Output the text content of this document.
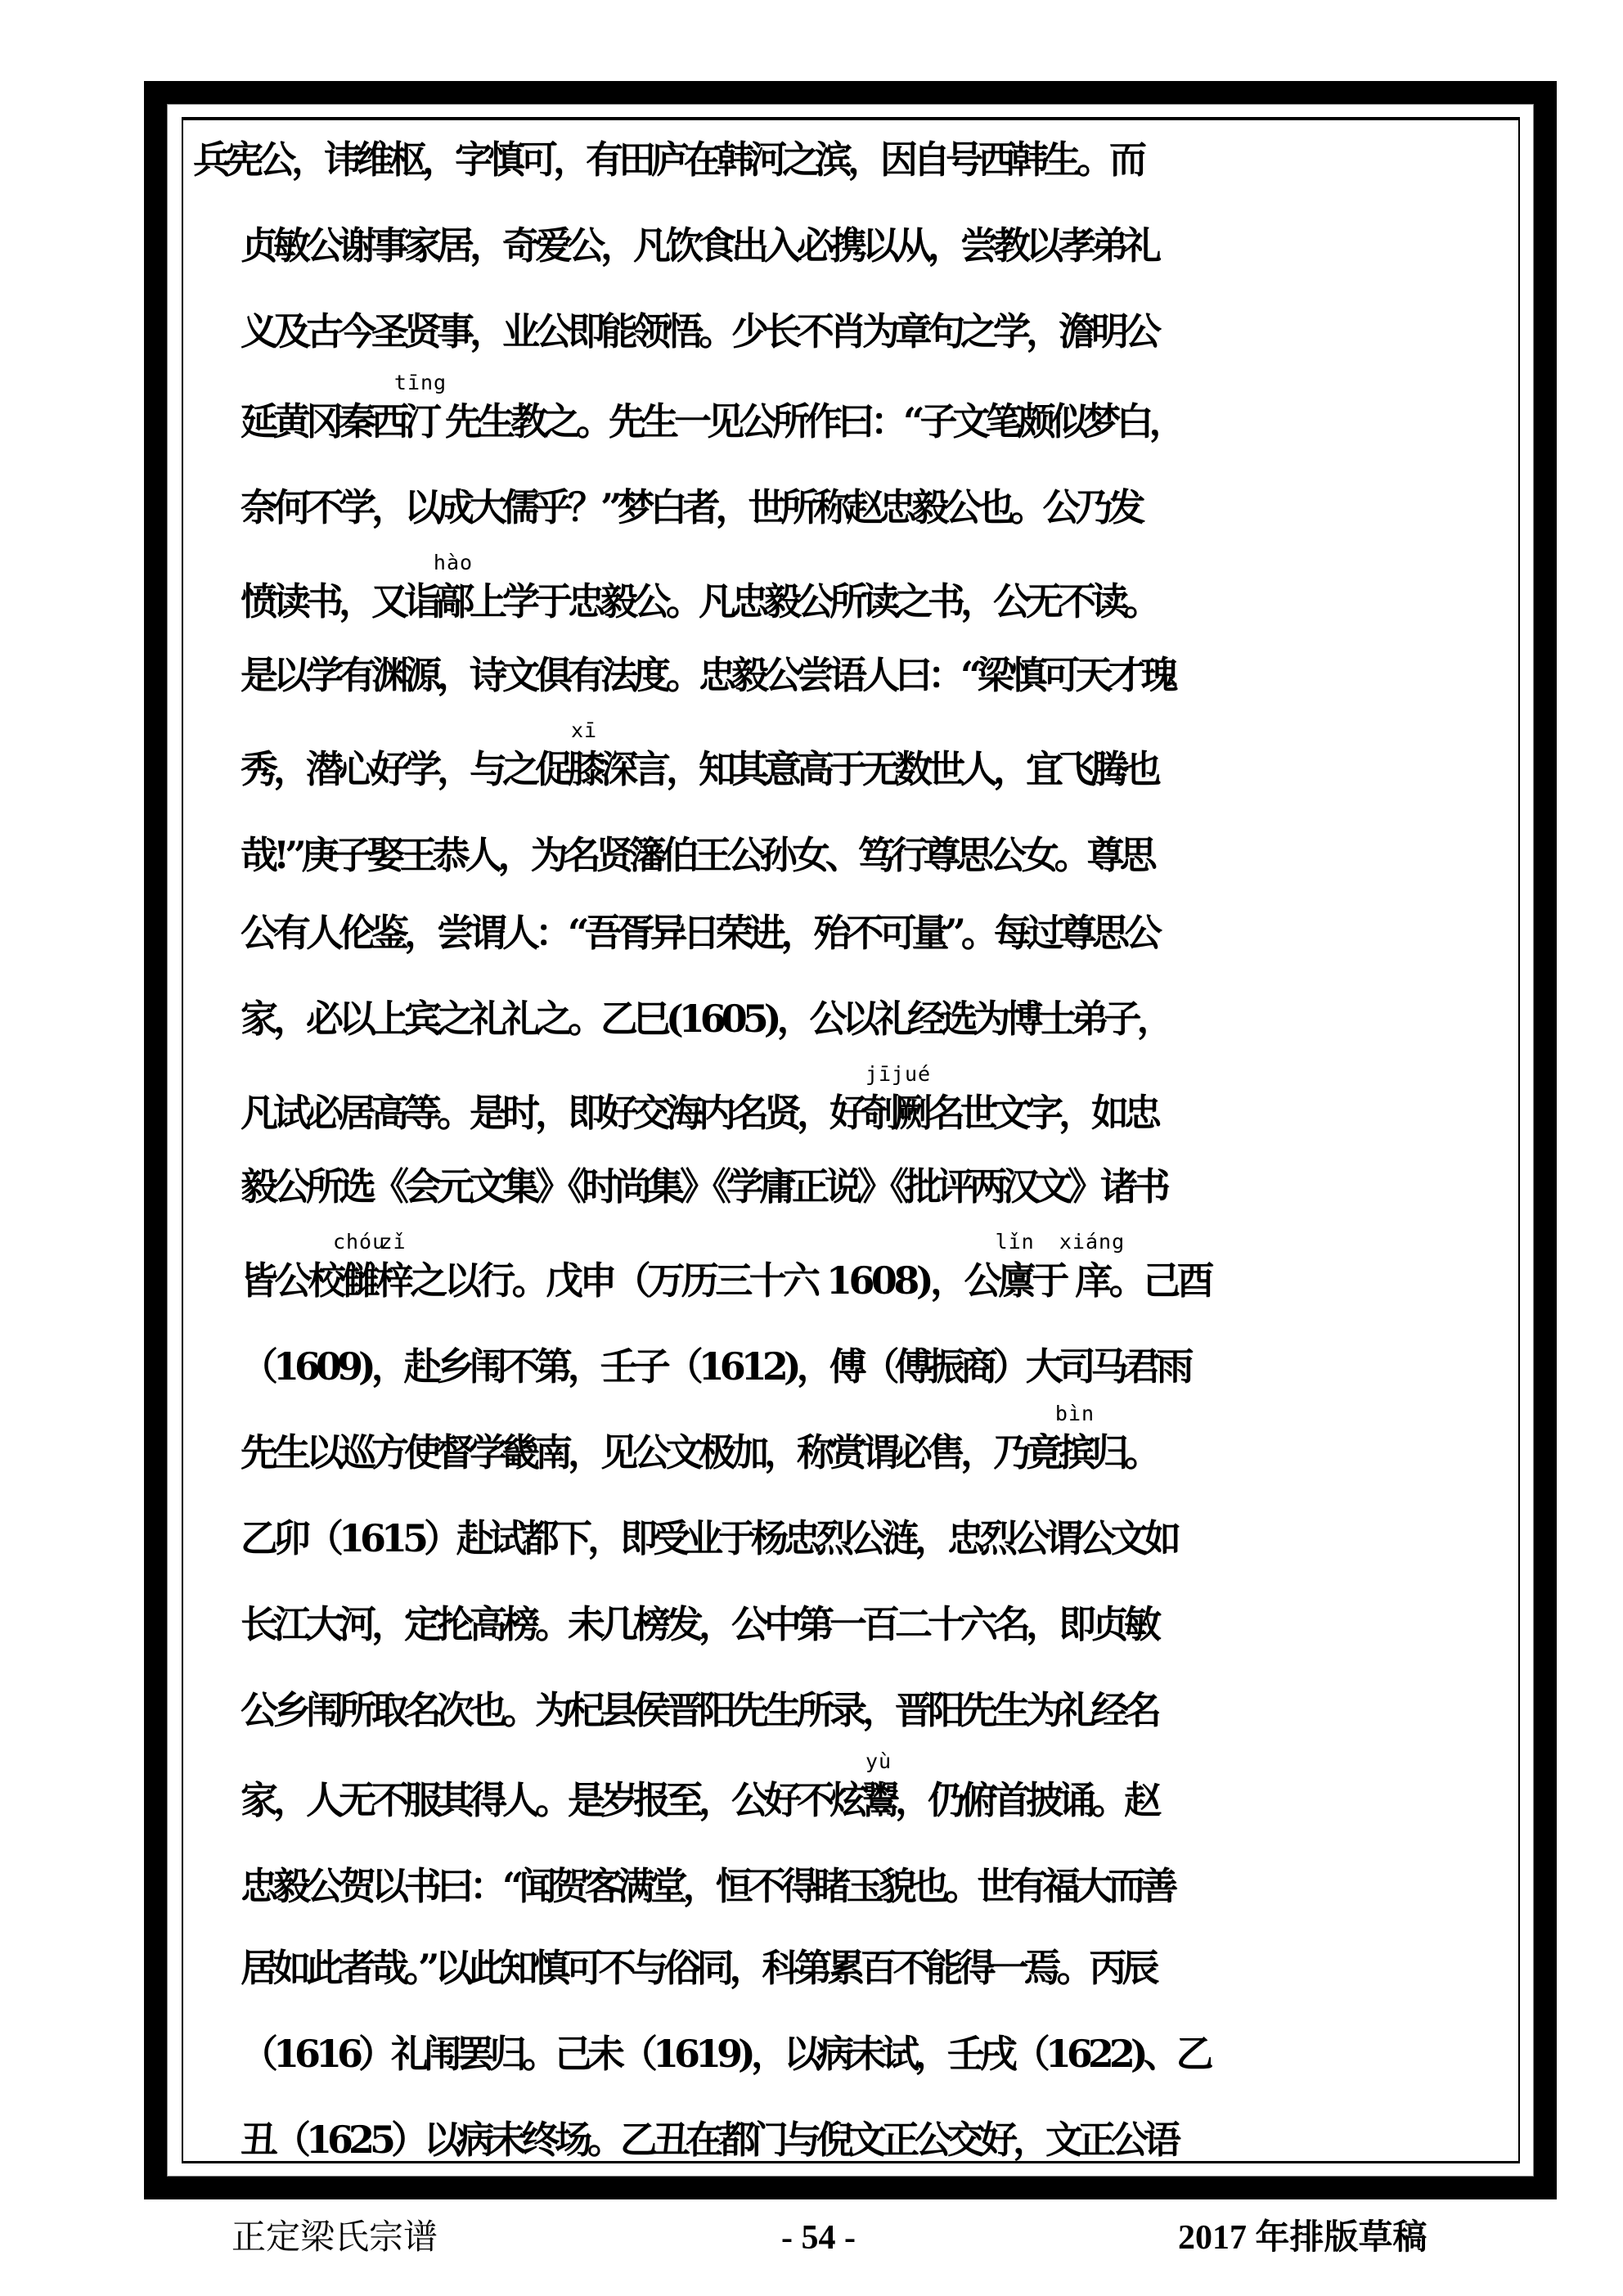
兵宪公，讳维枢，字慎可，有田庐在韩河之滨，因自号西韩生。而
贞敏公谢事家居，奇爱公，凡饮食出入必携以从，尝教以孝弟礼
义及古今圣贤事，业公即能领悟。少长不肖为章句之学，澹明公
延黄冈秦西汀
tīng
先生教之。先生一见公所作曰：“子文笔颇似梦白，
奈何不学，以成大儒乎？”梦白者，世所称赵忠毅公也。公乃发
愤读书，又诣鄗
hào
上学于忠毅公。凡忠毅公所读之书，公无不读。
是以学有渊源，诗文俱有法度。忠毅公尝语人曰：“梁慎可天才瑰
秀，潜心好学，与之促膝
xī
深言，知其意高于无数世人，宜飞腾也
哉!”庚子娶王恭人，为名贤籓伯王公孙女、笃行尊思公女。尊思
公有人伦鉴，尝谓人：“吾胥异日荣进，殆不可量”。每过尊思公
家，必以上宾之礼礼之。乙巳(1605)，公以礼经选为博士弟子，
凡试必居高等。是时，即好交海内名贤，好剞
jī
劂
jué
名世文字，如忠
毅公所选《会元文集》《时尚集》《学庸正说》《批评两汉文》诸书
皆公校雠
chóu
梓
zǐ
之以行。戊申（万历三十六 1608)，公廪
lǐn
于 庠
xiáng
。己酉
（1609)，赴乡闱不第，壬子（1612)，傅（傅振商）大司马君雨
先生以巡方使督学畿南，见公文极加，称赏谓必售，乃竟摈
bìn
归。
乙卯（1615）赴试都下，即受业于杨忠烈公涟，忠烈公谓公文如
长江大河，定抡高榜。未几榜发，公中第一百二十六名，即贞敏
公乡闱所取名次也。为杞县侯晋阳先生所录，晋阳先生为礼经名
家，人无不服其得人。是岁报至，公好不炫鬻
yù
，仍俯首披诵。赵
忠毅公贺以书曰：“闻贺客满堂，恒不得睹玉貌也。世有福大而善
居如此者哉。”以此知慎可不与俗同，科第累百不能得一焉。丙辰
（1616）礼闱罢归。己未（1619)，以病未试，壬戌（1622)、乙
丑（1625）以病未终场。乙丑在都门与倪文正公交好，文正公语
正定梁氏宗谱	- 54 -	2017 年排版草稿
